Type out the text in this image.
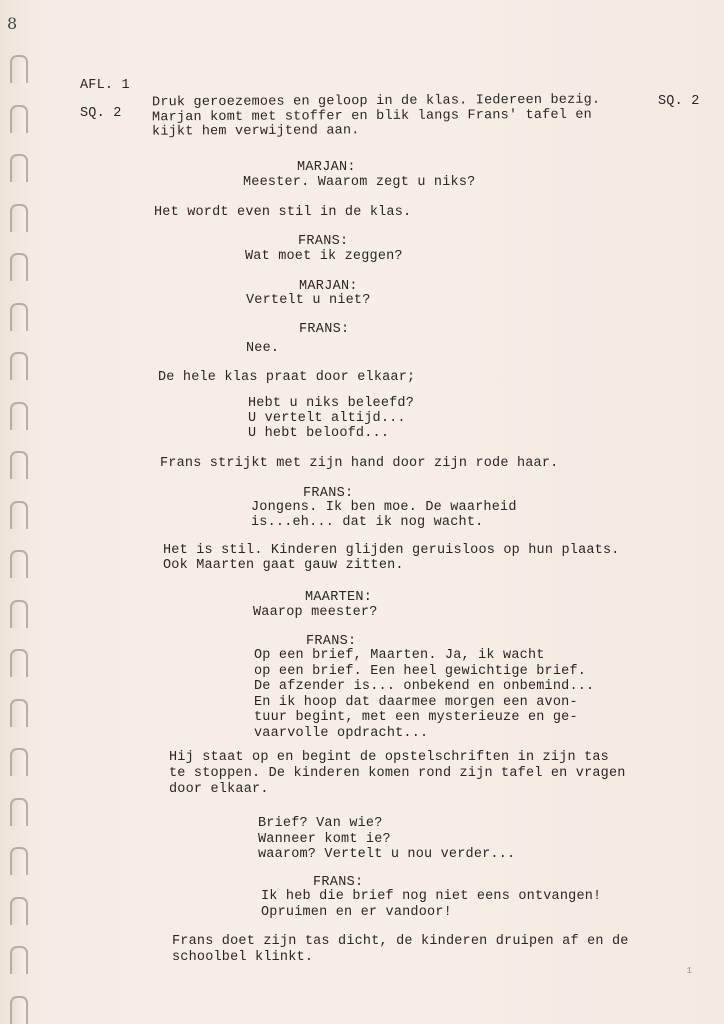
8
AFL. 1
SQ. 2
SQ. 2
Druk geroezemoes en geloop in de klas. Iedereen bezig.
Marjan komt met stoffer en blik langs Frans' tafel en
kijkt hem verwijtend aan.
MARJAN:
Meester. Waarom zegt u niks?
Het wordt even stil in de klas.
FRANS:
Wat moet ik zeggen?
MARJAN:
Vertelt u niet?
FRANS:
Nee.
De hele klas praat door elkaar;
Hebt u niks beleefd?
U vertelt altijd...
U hebt beloofd...
Frans strijkt met zijn hand door zijn rode haar.
FRANS:
Jongens. Ik ben moe. De waarheid
is...eh... dat ik nog wacht.
Het is stil. Kinderen glijden geruisloos op hun plaats.
Ook Maarten gaat gauw zitten.
MAARTEN:
Waarop meester?
FRANS:
Op een brief, Maarten. Ja, ik wacht
op een brief. Een heel gewichtige brief.
De afzender is... onbekend en onbemind...
En ik hoop dat daarmee morgen een avon-
tuur begint, met een mysterieuze en ge-
vaarvolle opdracht...
Hij staat op en begint de opstelschriften in zijn tas
te stoppen. De kinderen komen rond zijn tafel en vragen
door elkaar.
Brief? Van wie?
Wanneer komt ie?
waarom? Vertelt u nou verder...
FRANS:
Ik heb die brief nog niet eens ontvangen!
Opruimen en er vandoor!
Frans doet zijn tas dicht, de kinderen druipen af en de
schoolbel klinkt.
1
